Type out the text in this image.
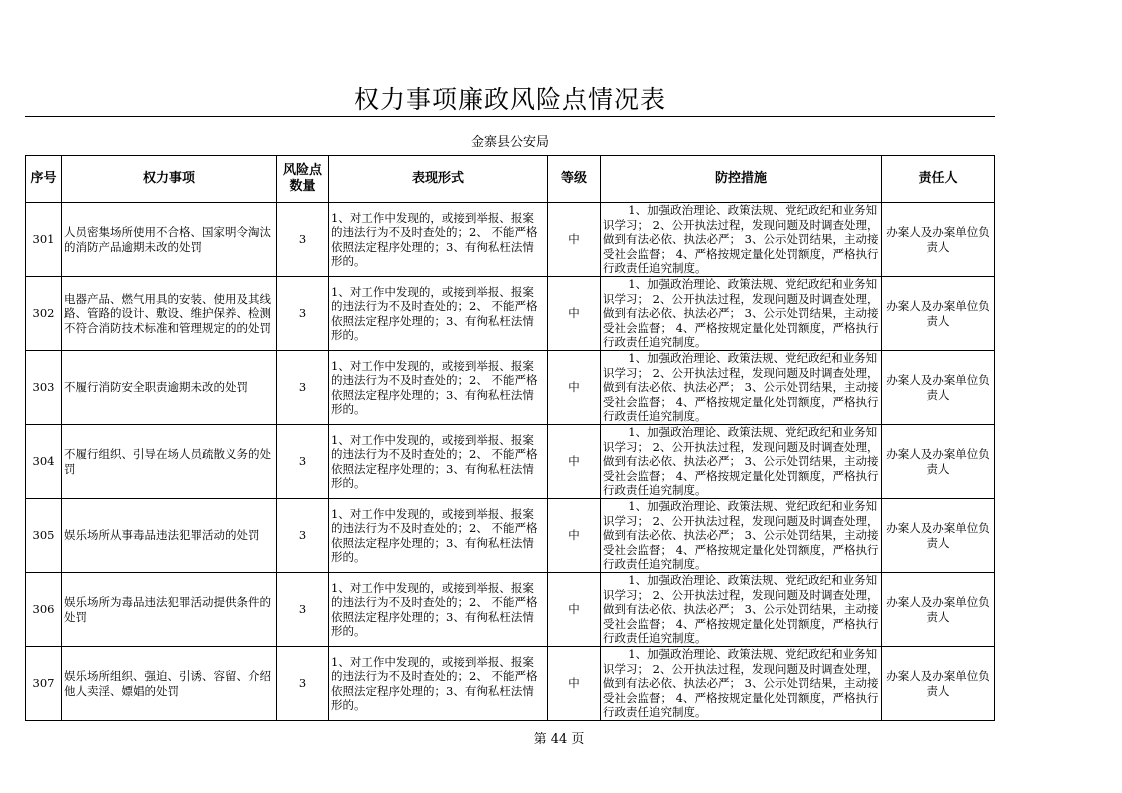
权力事项廉政风险点情况表
金寨县公安局
序号	权力事项	风险点数量	表现形式	等级	防控措施	责任人
301	人员密集场所使用不合格、国家明令淘汰的消防产品逾期未改的处罚	3	1、对工作中发现的，或接到举报、报案的违法行为不及时查处的；2、 不能严格依照法定程序处理的；3、有徇私枉法情形的。	中	1、加强政治理论、政策法规、党纪政纪和业务知识学习； 2、公开执法过程，发现问题及时调查处理，做到有法必依、执法必严； 3、公示处罚结果，主动接受社会监督； 4、严格按规定量化处罚额度，严格执行行政责任追究制度。	办案人及办案单位负责人
302	电器产品、燃气用具的安装、使用及其线路、管路的设计、敷设、维护保养、检测不符合消防技术标准和管理规定的的处罚	3	1、对工作中发现的，或接到举报、报案的违法行为不及时查处的；2、 不能严格依照法定程序处理的；3、有徇私枉法情形的。	中	1、加强政治理论、政策法规、党纪政纪和业务知识学习； 2、公开执法过程，发现问题及时调查处理，做到有法必依、执法必严； 3、公示处罚结果，主动接受社会监督； 4、严格按规定量化处罚额度，严格执行行政责任追究制度。	办案人及办案单位负责人
303	不履行消防安全职责逾期未改的处罚	3	1、对工作中发现的，或接到举报、报案的违法行为不及时查处的；2、 不能严格依照法定程序处理的；3、有徇私枉法情形的。	中	1、加强政治理论、政策法规、党纪政纪和业务知识学习； 2、公开执法过程，发现问题及时调查处理，做到有法必依、执法必严； 3、公示处罚结果，主动接受社会监督； 4、严格按规定量化处罚额度，严格执行行政责任追究制度。	办案人及办案单位负责人
304	不履行组织、引导在场人员疏散义务的处罚	3	1、对工作中发现的，或接到举报、报案的违法行为不及时查处的；2、 不能严格依照法定程序处理的；3、有徇私枉法情形的。	中	1、加强政治理论、政策法规、党纪政纪和业务知识学习； 2、公开执法过程，发现问题及时调查处理，做到有法必依、执法必严； 3、公示处罚结果，主动接受社会监督； 4、严格按规定量化处罚额度，严格执行行政责任追究制度。	办案人及办案单位负责人
305	娱乐场所从事毒品违法犯罪活动的处罚	3	1、对工作中发现的，或接到举报、报案的违法行为不及时查处的；2、 不能严格依照法定程序处理的；3、有徇私枉法情形的。	中	1、加强政治理论、政策法规、党纪政纪和业务知识学习； 2、公开执法过程，发现问题及时调查处理，做到有法必依、执法必严； 3、公示处罚结果，主动接受社会监督； 4、严格按规定量化处罚额度，严格执行行政责任追究制度。	办案人及办案单位负责人
306	娱乐场所为毒品违法犯罪活动提供条件的处罚	3	1、对工作中发现的，或接到举报、报案的违法行为不及时查处的；2、 不能严格依照法定程序处理的；3、有徇私枉法情形的。	中	1、加强政治理论、政策法规、党纪政纪和业务知识学习； 2、公开执法过程，发现问题及时调查处理，做到有法必依、执法必严； 3、公示处罚结果，主动接受社会监督； 4、严格按规定量化处罚额度，严格执行行政责任追究制度。	办案人及办案单位负责人
307	娱乐场所组织、强迫、引诱、容留、介绍他人卖淫、嫖娼的处罚	3	1、对工作中发现的，或接到举报、报案的违法行为不及时查处的；2、 不能严格依照法定程序处理的；3、有徇私枉法情形的。	中	1、加强政治理论、政策法规、党纪政纪和业务知识学习； 2、公开执法过程，发现问题及时调查处理，做到有法必依、执法必严； 3、公示处罚结果，主动接受社会监督； 4、严格按规定量化处罚额度，严格执行行政责任追究制度。	办案人及办案单位负责人
第 44 页
